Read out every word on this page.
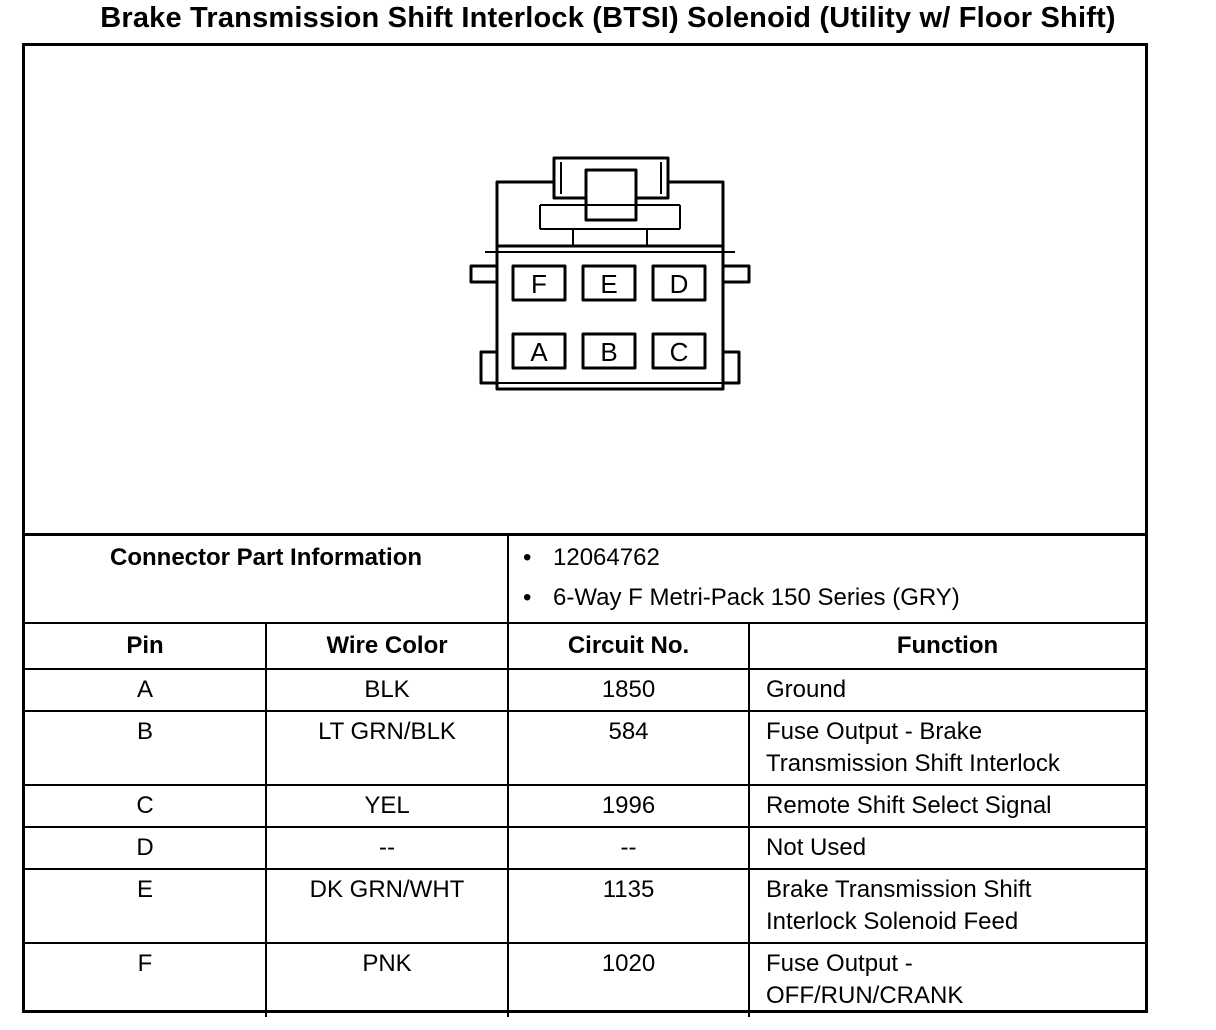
Brake Transmission Shift Interlock (BTSI) Solenoid (Utility w/ Floor Shift)
F E D
A B C
Connector Part Information		• 12064762
• 6-Way F Metri-Pack 150 Series (GRY)	

Pin	Wire Color	Circuit No.	Function
A	BLK	1850	Ground

B	LT GRN/BLK	584	Fuse Output - Brake
Transmission Shift Interlock

C	YEL	1996	Remote Shift Select Signal

D	--	--	Not Used

E	DK GRN/WHT	1135	Brake Transmission Shift
Interlock Solenoid Feed

F	PNK	1020	Fuse Output -
OFF/RUN/CRANK
